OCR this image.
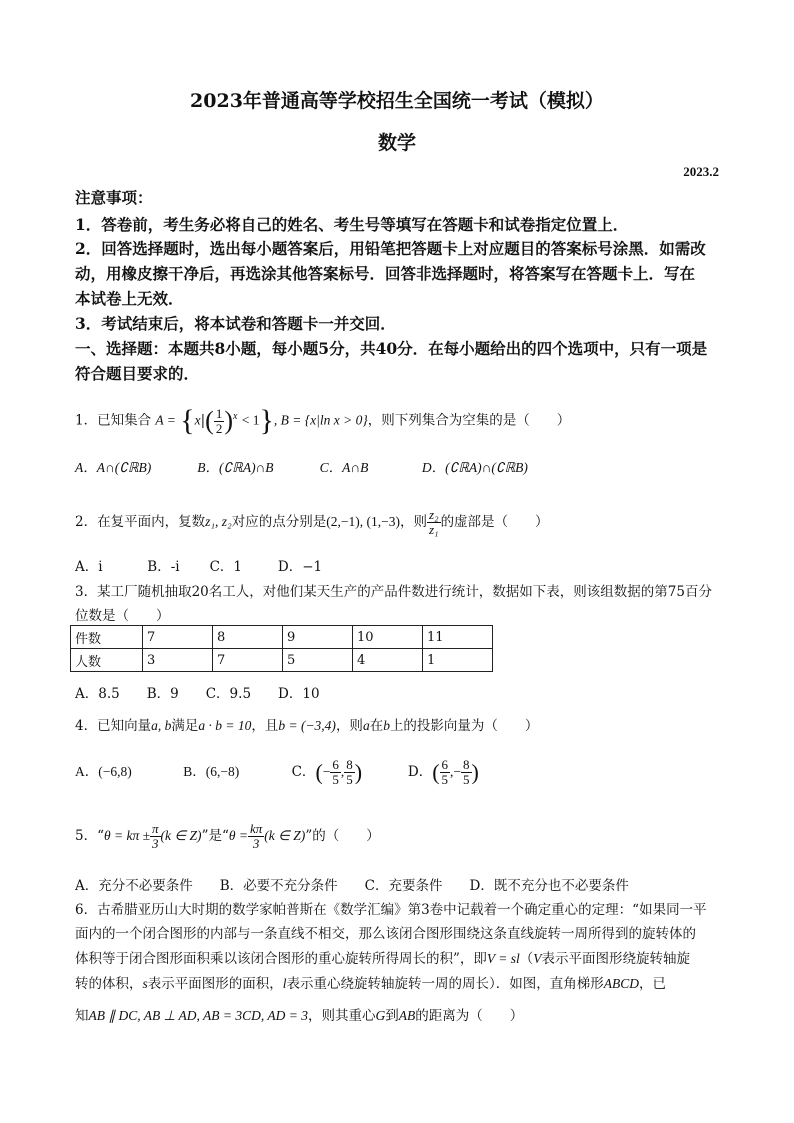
2023年普通高等学校招生全国统一考试（模拟）
数学
2023.2
注意事项：
1．答卷前，考生务必将自己的姓名、考生号等填写在答题卡和试卷指定位置上．
2．回答选择题时，选出每小题答案后，用铅笔把答题卡上对应题目的答案标号涂黑．如需改
动，用橡皮擦干净后，再选涂其他答案标号．回答非选择题时，将答案写在答题卡上．写在
本试卷上无效．
3．考试结束后，将本试卷和答题卡一并交回．
一、选择题：本题共8小题，每小题5分，共40分．在每小题给出的四个选项中，只有一项是
符合题目要求的．
1．已知集合 $A = \{x|( \frac{1}{2} )^x < 1\}$, B = {x|ln x > 0}，则下列集合为空集的是（　　）
A．A∩(∁ℝB)	B．(∁ℝA)∩B	C．A∩B	D．(∁ℝA)∩(∁ℝB)
2．在复平面内，复数z₁, z₂对应的点分别是(2,−1), (1,−3)，则 $\frac{\text{z₂}}{\text{z₁}}$ 的虚部是（　　）
A．i	B．-i C．1	D．−1
3．某工厂随机抽取20名工人，对他们某天生产的产品件数进行统计，数据如下表，则该组数据的第75百分
位数是（　　）
件数	7	8	9	10	11
人数	3	7	5	4	1
A．8.5　　B．9　　C．9.5　　D．10
4．已知向量a, b满足a · b = 10，且b = (−3,4)，则a在b上的投影向量为（　　）
A．(−6,8)	B．(6,−8)	C．(− $\frac{6}{5}$ , $\frac{8}{5}$ )	D．( $\frac{6}{5}$ ,− $\frac{8}{5}$ )
5．“$\theta = k\pi \pm \frac{\pi}{3} (k$ ∈ Z)”是“$\theta = \frac{k\pi}{3} (k$ ∈ Z)”的（　　）
A．充分不必要条件　　B．必要不充分条件　　C．充要条件　　D．既不充分也不必要条件
6．古希腊亚历山大时期的数学家帕普斯在《数学汇编》第3卷中记载着一个确定重心的定理：“如果同一平
面内的一个闭合图形的内部与一条直线不相交，那么该闭合图形围绕这条直线旋转一周所得到的旋转体的
体积等于闭合图形面积乘以该闭合图形的重心旋转所得周长的积”，即V = sl（V表示平面图形绕旋转轴旋
转的体积，s表示平面图形的面积，l表示重心绕旋转轴旋转一周的周长）．如图，直角梯形ABCD，已
知AB ∥ DC, AB ⊥ AD, AB = 3CD, AD = 3，则其重心G到AB的距离为（　　）
